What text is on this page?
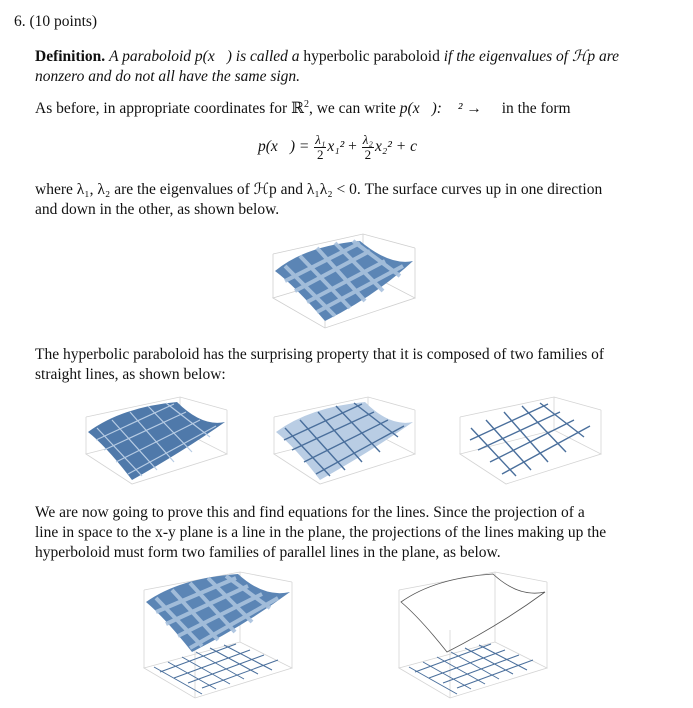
6. (10 points)
Definition. A paraboloid p(x⃗) is called a hyperbolic paraboloid if the eigenvalues of ℋp are
nonzero and do not all have the same sign.
As before, in appropriate coordinates for ℝ$^2$, we can write p(x⃗): ℝ² → ℝ in the form
p(x⃗) = $\frac{\text{λ₁}}{2} x_1^2 + \frac{\text{λ₂}}{2} x_2^2 + c$
where λ₁, λ₂ are the eigenvalues of ℋp and λ₁λ₂ < 0. The surface curves up in one direction
and down in the other, as shown below.
The hyperbolic paraboloid has the surprising property that it is composed of two families of
straight lines, as shown below:
We are now going to prove this and find equations for the lines. Since the projection of a
line in space to the x-y plane is a line in the plane, the projections of the lines making up the
hyperboloid must form two families of parallel lines in the plane, as below.
